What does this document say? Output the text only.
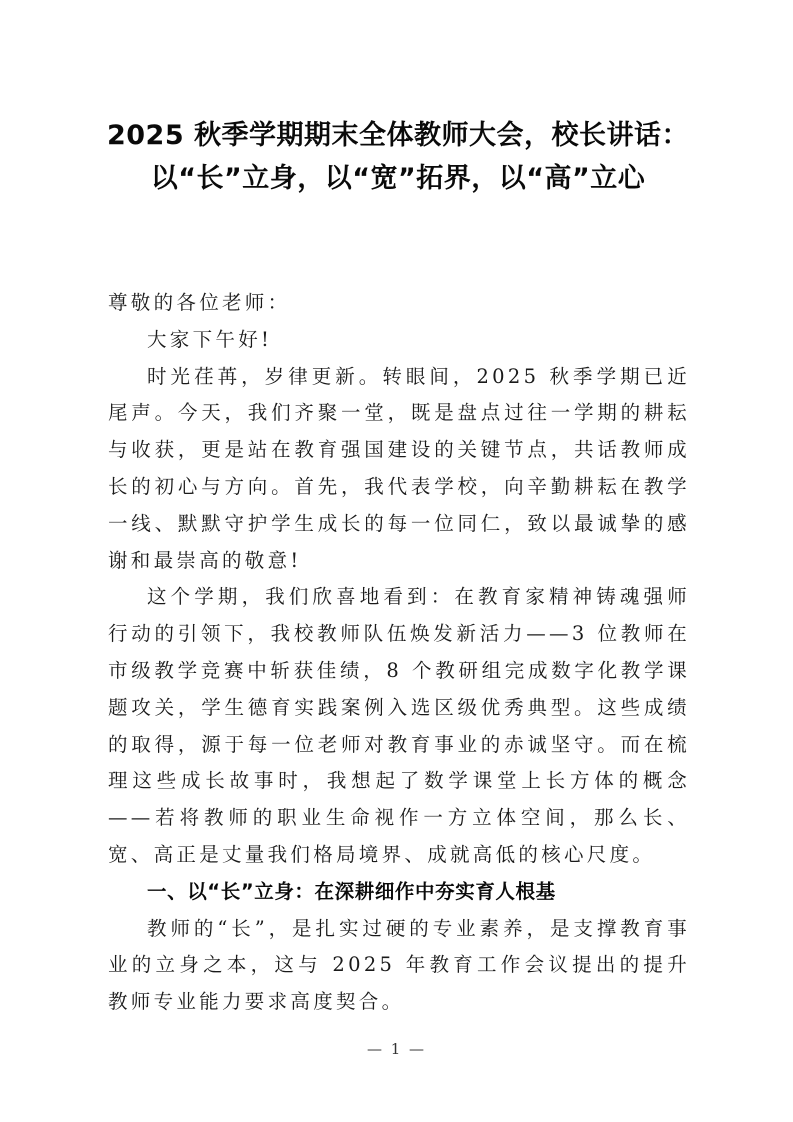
2025 秋季学期期末全体教师大会，校长讲话：以“长”立身，以“宽”拓界，以“高”立心

尊敬的各位老师：

大家下午好!

时光荏苒，岁律更新。转眼间，2025 秋季学期已近尾声。今天，我们齐聚一堂，既是盘点过往一学期的耕耘与收获，更是站在教育强国建设的关键节点，共话教师成长的初心与方向。首先，我代表学校，向辛勤耕耘在教学一线、默默守护学生成长的每一位同仁，致以最诚挚的感谢和最崇高的敬意!

这个学期，我们欣喜地看到：在教育家精神铸魂强师行动的引领下，我校教师队伍焕发新活力——3 位教师在市级教学竞赛中斩获佳绩，8 个教研组完成数字化教学课题攻关，学生德育实践案例入选区级优秀典型。这些成绩的取得，源于每一位老师对教育事业的赤诚坚守。而在梳理这些成长故事时，我想起了数学课堂上长方体的概念——若将教师的职业生命视作一方立体空间，那么长、宽、高正是丈量我们格局境界、成就高低的核心尺度。

一、以“长”立身：在深耕细作中夯实育人根基

教师的“长”，是扎实过硬的专业素养，是支撑教育事业的立身之本，这与 2025 年教育工作会议提出的提升教师专业能力要求高度契合。

— 1 —
